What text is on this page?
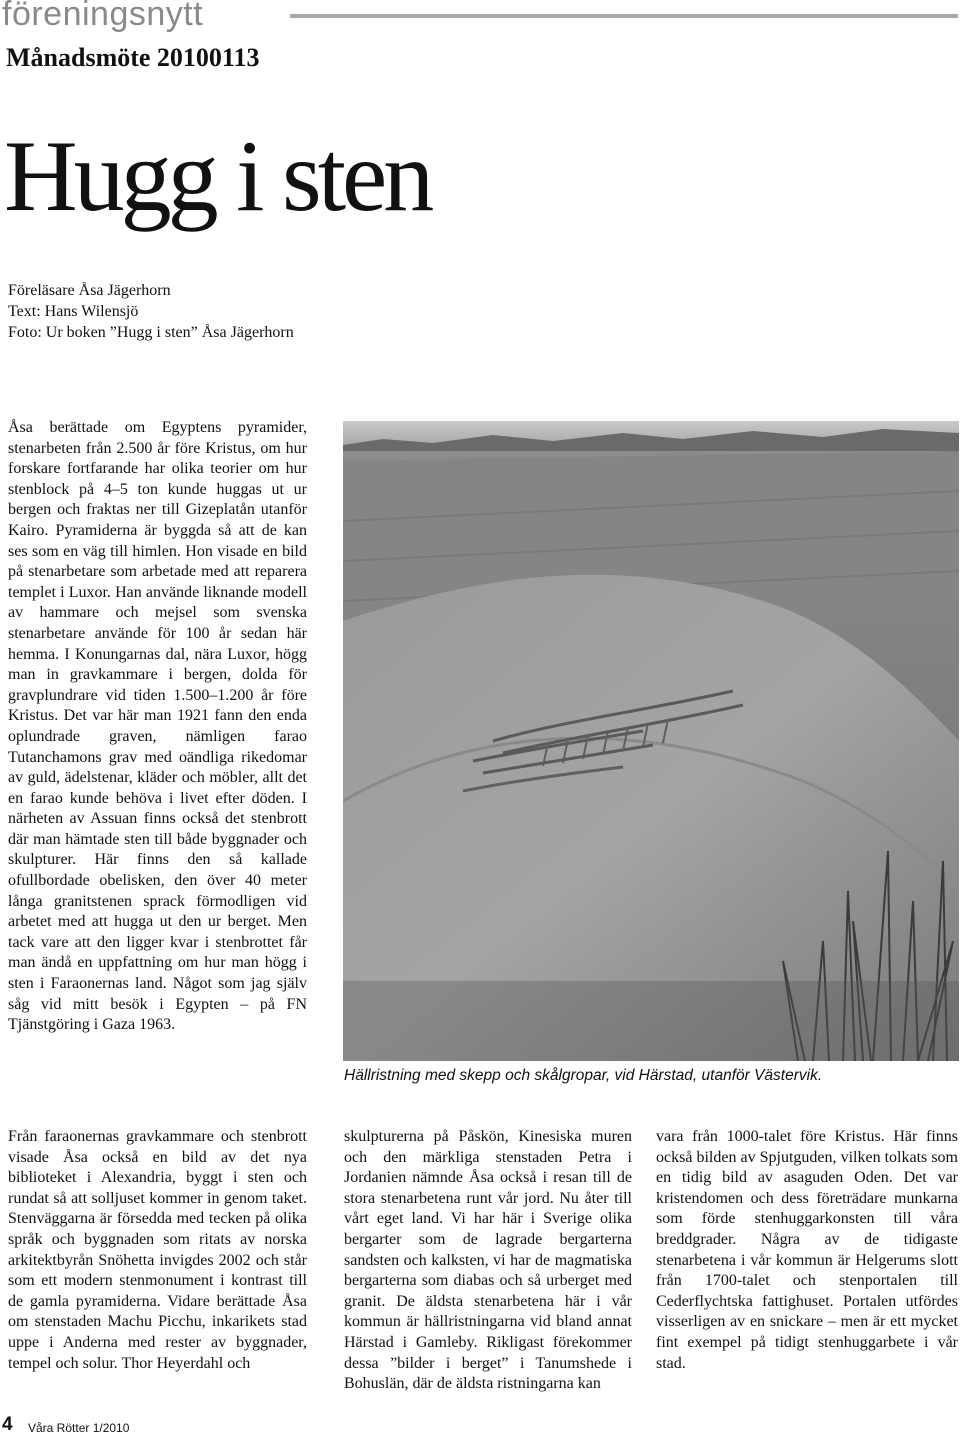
föreningsnytt
Månadsmöte 20100113
Hugg i sten
Föreläsare Åsa Jägerhorn
Text: Hans Wilensjö
Foto: Ur boken ”Hugg i sten” Åsa Jägerhorn
Åsa berättade om Egyptens pyramider, stenarbeten från 2.500 år före Kristus, om hur forskare fortfarande har olika teorier om hur stenblock på 4–5 ton kunde huggas ut ur bergen och fraktas ner till Gizeplatån utanför Kairo. Pyramiderna är byggda så att de kan ses som en väg till himlen. Hon visade en bild på stenarbetare som arbetade med att reparera templet i Luxor. Han använde liknande modell av hammare och mejsel som svenska stenarbetare använde för 100 år sedan här hemma. I Konungarnas dal, nära Luxor, högg man in gravkammare i bergen, dolda för gravplundrare vid tiden 1.500–1.200 år före Kristus. Det var här man 1921 fann den enda oplundrade graven, nämligen farao Tutanchamons grav med oändliga rikedomar av guld, ädelstenar, kläder och möbler, allt det en farao kunde behöva i livet efter döden. I närheten av Assuan finns också det stenbrott där man hämtade sten till både byggnader och skulpturer. Här finns den så kallade ofullbordade obelisken, den över 40 meter långa granitstenen sprack förmodligen vid arbetet med att hugga ut den ur berget. Men tack vare att den ligger kvar i stenbrottet får man ändå en uppfattning om hur man högg i sten i Faraonernas land. Något som jag själv såg vid mitt besök i Egypten – på FN Tjänstgöring i Gaza 1963.
Hällristning med skepp och skålgropar, vid Härstad, utanför Västervik.
Från faraonernas gravkammare och stenbrott visade Åsa också en bild av det nya biblioteket i Alexandria, byggt i sten och rundat så att solljuset kommer in genom taket. Stenväggarna är försedda med tecken på olika språk och byggnaden som ritats av norska arkitektbyrån Snöhetta invigdes 2002 och står som ett modern stenmonument i kontrast till de gamla pyramiderna. Vidare berättade Åsa om stenstaden Machu Picchu, inkarikets stad uppe i Anderna med rester av byggnader, tempel och solur. Thor Heyerdahl och
skulpturerna på Påskön, Kinesiska muren och den märkliga stenstaden Petra i Jordanien nämnde Åsa också i resan till de stora stenarbetena runt vår jord. Nu åter till vårt eget land. Vi har här i Sverige olika bergarter som de lagrade bergarterna sandsten och kalksten, vi har de magmatiska bergarterna som diabas och så urberget med granit. De äldsta stenarbetena här i vår kommun är hällristningarna vid bland annat Härstad i Gamleby. Rikligast förekommer dessa ”bilder i berget” i Tanumshede i Bohuslän, där de äldsta ristningarna kan
vara från 1000-talet före Kristus. Här finns också bilden av Spjutguden, vilken tolkats som en tidig bild av asaguden Oden. Det var kristendomen och dess företrädare munkarna som förde stenhuggarkonsten till våra breddgrader. Några av de tidigaste stenarbetena i vår kommun är Helgerums slott från 1700-talet och stenportalen till Cederflychtska fattighuset. Portalen utfördes visserligen av en snickare – men är ett mycket fint exempel på tidigt stenhuggarbete i vår stad.
4 Våra Rötter 1/2010
